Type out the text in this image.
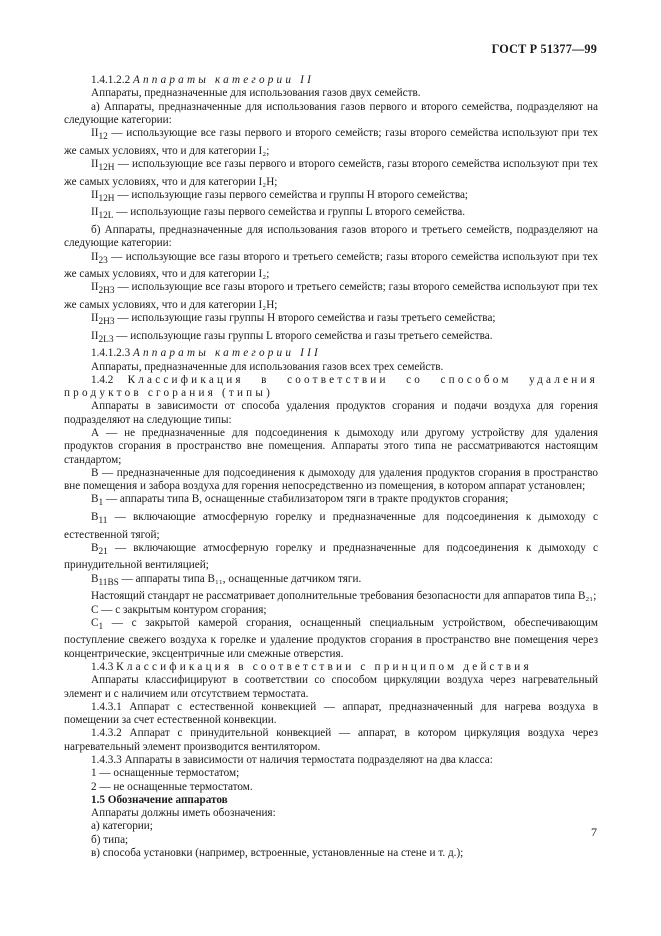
ГОСТ Р 51377—99

1.4.1.2.2 Аппараты категории II

Аппараты, предназначенные для использования газов двух семейств.

а) Аппараты, предназначенные для использования газов первого и второго семейства, подразделяют на следующие категории:

$II_{12}$ — использующие все газы первого и второго семейств; газы второго семейства используют при тех же самых условиях, что и для категории I₂;

$II_{12H}$ — использующие все газы первого и второго семейств, газы второго семейства используют при тех же самых условиях, что и для категории I₂Н;

$II_{12H}$ — использующие газы первого семейства и группы Н второго семейства;

$II_{12L}$ — использующие газы первого семейства и группы L второго семейства.

б) Аппараты, предназначенные для использования газов второго и третьего семейств, подразделяют на следующие категории:

$II_{23}$ — использующие все газы второго и третьего семейств; газы второго семейства используют при тех же самых условиях, что и для категории I₂;

$II_{2H3}$ — использующие все газы второго и третьего семейств; газы второго семейства используют при тех же самых условиях, что и для категории I₂Н;

$II_{2H3}$ — использующие газы группы Н второго семейства и газы третьего семейства;

$II_{2L3}$ — использующие газы группы L второго семейства и газы третьего семейства.

1.4.1.2.3 Аппараты категории III

Аппараты, предназначенные для использования газов всех трех семейств.

1.4.2 Классификация в соответствии со способом удаления продуктов сгорания (типы)

Аппараты в зависимости от способа удаления продуктов сгорания и подачи воздуха для горения подразделяют на следующие типы:

А — не предназначенные для подсоединения к дымоходу или другому устройству для удаления продуктов сгорания в пространство вне помещения. Аппараты этого типа не рассматриваются настоящим стандартом;

В — предназначенные для подсоединения к дымоходу для удаления продуктов сгорания в пространство вне помещения и забора воздуха для горения непосредственно из помещения, в котором аппарат установлен;

$В_1$ — аппараты типа В, оснащенные стабилизатором тяги в тракте продуктов сгорания;

$В_{11}$ — включающие атмосферную горелку и предназначенные для подсоединения к дымоходу с естественной тягой;

$В_{21}$ — включающие атмосферную горелку и предназначенные для подсоединения к дымоходу с принудительной вентиляцией;

$В_{11BS}$ — аппараты типа В₁₁, оснащенные датчиком тяги.

Настоящий стандарт не рассматривает дополнительные требования безопасности для аппаратов типа В₂₁;

С — с закрытым контуром сгорания;

$С_1$ — с закрытой камерой сгорания, оснащенный специальным устройством, обеспечивающим поступление свежего воздуха к горелке и удаление продуктов сгорания в пространство вне помещения через концентрические, эксцентричные или смежные отверстия.

1.4.3 Классификация в соответствии с принципом действия

Аппараты классифицируют в соответствии со способом циркуляции воздуха через нагревательный элемент и с наличием или отсутствием термостата.

1.4.3.1 Аппарат с естественной конвекцией — аппарат, предназначенный для нагрева воздуха в помещении за счет естественной конвекции.

1.4.3.2 Аппарат с принудительной конвекцией — аппарат, в котором циркуляция воздуха через нагревательный элемент производится вентилятором.

1.4.3.3 Аппараты в зависимости от наличия термостата подразделяют на два класса:

1 — оснащенные термостатом;

2 — не оснащенные термостатом.

1.5 Обозначение аппаратов

Аппараты должны иметь обозначения:

а) категории;

б) типа;

в) способа установки (например, встроенные, установленные на стене и т. д.);

7
